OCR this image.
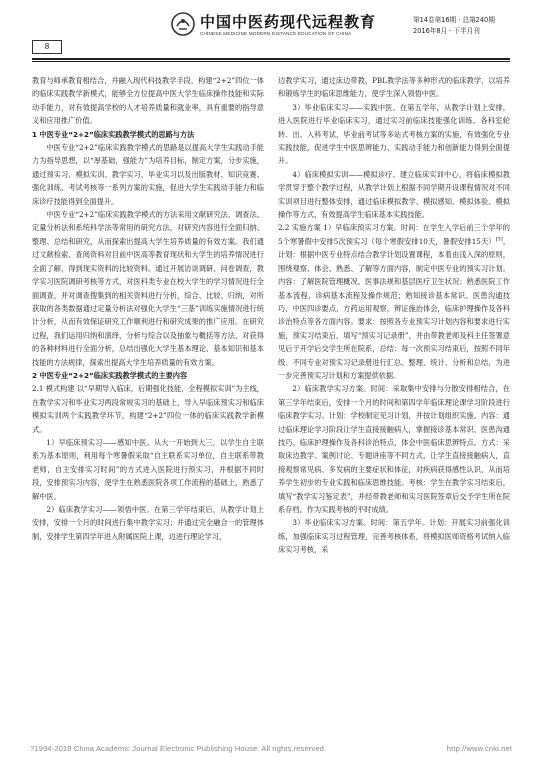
8
中国中医药现代远程教育
CHINESE MEDICINE MODERN DISTANCE EDUCATION OF CHINA
第14卷第16期 · 总第240期
2016年8月 · 下半月刊

教育与师承教育相结合，并融入现代科技教学手段，构建“2+2”四位一体的临床实践教学新模式，能够全方位提高中医大学生临床操作技能和实际动手能力，对有效提高学校的人才培养质量和就业率，具有重要的指导意义和应用推广价值。

1 中医专业“2+2”临床实践教学模式的思路与方法

中医专业“2+2”临床实践教学模式的思路是以提高大学生实践动手能力为指导思想，以“厚基础，强能力”为培养目标，制定方案，分步实施，通过预实习、模拟实训、教学实习、毕业实习以及出版教材、知识竞赛、强化训练、考试考核等一系列方案的实施，促进大学生实践动手能力和临床诊疗技能得到全面提升。

中医专业“2+2”临床实践教学模式的方法采用文献研究法、调查法、定量分析法和系统科学法等常用的研究方法，对研究内容进行全面归纳、整理、总结和研究，从而探索出提高大学生培养质量的有效方案。我们通过文献检索、查阅资料对目前中医高等教育现状和大学生的培养情况进行全面了解，得到现实资料的比较资料。通过开展访谈调研、问卷调查，教学实习医院调研考核等方式，对医科类专业在校大学生的学习情况进行全面调查，并对调查搜集到的相关资料进行分析，综合、比较、归纳，对所获取的各类数据通过定量分析法对强化大学生“三基”训练实施情况进行统计分析，从而有效保证研究工作顺利进行和研究成果的推广应用。在研究过程，我们运用归纳和演绎，分析与综合以及抽象与概括等方法，对获得的各种材料进行全面分析，总结出强化大学生基本理论、基本知识和基本技能的方法规律，探索出提高大学生培养质量的有效方案。

2 中医专业“2+2”临床实践教学模式的主要内容

2.1 模式构建 以“早期导入临床，后期强化技能，全程模拟实训”为主线，在教学实习和毕业实习两段常规实习的基础上，导入早临床预实习和临床模拟实训两个实践教学环节，构建“2+2”四位一体的临床实践教学新模式。

1）早临床预实习——感知中医。从大一开始到大三，以学生自主联系为基本原则，利用每个寒暑假采取“自主联系实习单位，自主联系带教老师，自主安排实习时间”的方式进入医院进行预实习，并根据不同时段，安排预实习内容，使学生在熟悉医院各项工作流程的基础上，熟悉了解中医。

2）临床教学实习——领悟中医。在第三学年结束后，从教学计划上安排，安排一个月的时间进行集中教学实习；并通过完全融合一的管理体制，安排学生第四学年进入附属医院上课，边进行理论学习，

边教学实习，通过床边带教，PBL教学法等多种形式的临床教学，以培养和锻炼学生的临床思维能力，使学生深入领悟中医。

3）毕业临床实习——实践中医。在第五学年，从教学计划上安排，进入医院进行毕业临床实习，通过实习前临床技能强化训练、各科室轮转、出、入科考试，毕业前考试等多站式考核方案的实施，有效强化专业实践技能，促进学生中医思辨能力、实践动手能力和创新能力得到全面提升。

4）临床模拟实训——模拟诊疗。建立临床实训中心，将临床模拟教学贯穿于整个教学过程，从教学计划上根据不同学期开设课程情况对不同实训项目进行整体安排，通过临床模拟教学、模拟感知、模拟体验、模拟操作等方式，有效提高学生临床基本实践技能。

2.2 实施方案 1）早临床预实习方案。时间：在学生入学后前三个学年的5个寒暑假中安排5次预实习（每个寒假安排10天，暑假安排15天）[3]。计划：根据中医专业特点结合教学计划设置课程，本着由浅入深的原则，围绕观察、体会、熟悉、了解等方面内容，制定中医专业的预实习计划。内容：了解医院管理概况，医事法规和基层医疗卫生状况；熟悉医院工作基本流程，诊病基本流程及操作规范；熟知接诊基本常识、医患沟通技巧，中医四诊要点，方药运用观察，辨证施治体会，临床护理操作及各科诊治特点等各方面内容。要求：按照各专业预实习计划内容和要求进行实施，预实习结束后，填写“预实习记录册”，并由带教老师及科主任签署意见后于开学后交学生所在院系，总结：每一次预实习结束后，按照不同年级、不同专业对预实习记录册进行汇总、整理、统计、分析和总结，为进一步完善预实习计划和方案提供依据。

2）临床教学实习方案。时间：采取集中安排与分散安排相结合，在第三学年结束后，安排一个月的时间和第四学年临床理论课学习阶段进行临床教学实习。计划：学校制定见习计划，并按计划组织实施。内容：通过临床理论学习阶段让学生直接接触病人，掌握接诊基本常识、医患沟通技巧、临床护理操作及各科诊治特点，体会中医临床思辨特点。方式：采取床边教学、案例讨论、专题讲座等不同方式，让学生直接接触病人，直接观察常见病、多发病的主要症状和体征，对疾病获得感性认识，从而培养学生初步的专业实践和临床思维技能。考核：学生在教学实习结束后，填写“教学实习鉴定表”，并经带教老师和实习医院签章后交予学生所在院系存档，作为实践考核的平时成绩。

3）毕业临床实习方案。时间：第五学年。计划：开展实习前强化训练，加强临床实习过程管理，完善考核体系，将模拟医师资格考试纳入临床实习考核，采

?1994-2018 China Academic Journal Electronic Publishing House. All rights reserved.	http://www.cnki.net
